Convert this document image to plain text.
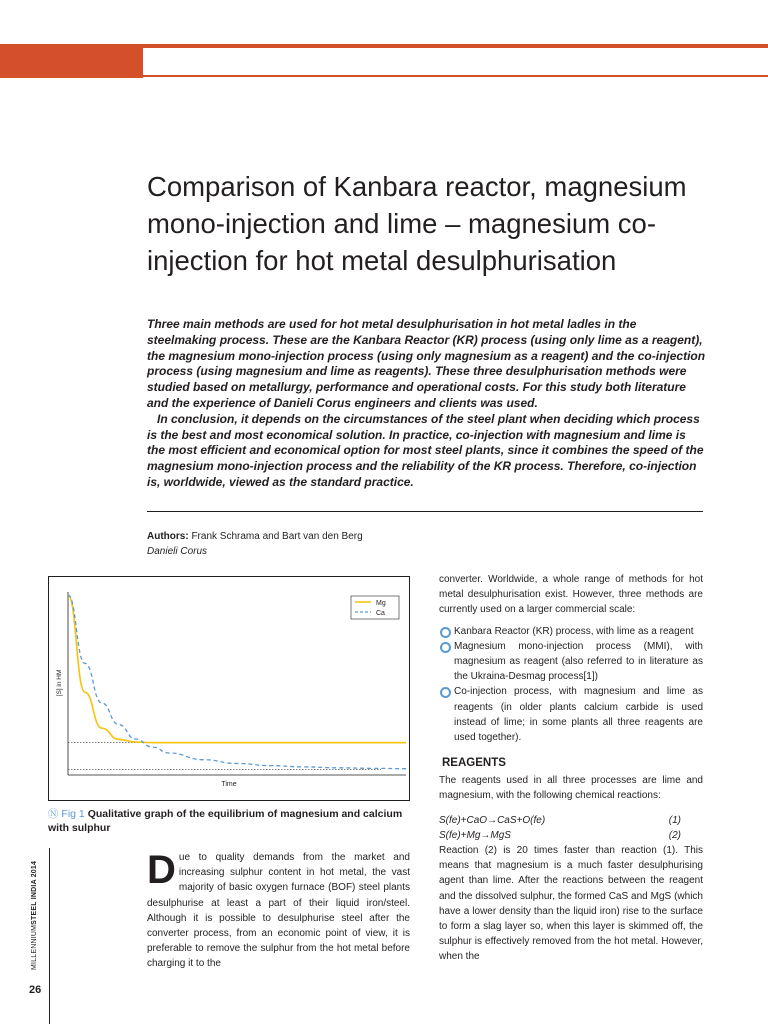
Comparison of Kanbara reactor, magnesium mono-injection and lime – magnesium co-injection for hot metal desulphurisation

Three main methods are used for hot metal desulphurisation in hot metal ladles in the steelmaking process. These are the Kanbara Reactor (KR) process (using only lime as a reagent), the magnesium mono-injection process (using only magnesium as a reagent) and the co-injection process (using magnesium and lime as reagents). These three desulphurisation methods were studied based on metallurgy, performance and operational costs. For this study both literature and the experience of Danieli Corus engineers and clients was used.

In conclusion, it depends on the circumstances of the steel plant when deciding which process is the best and most economical solution. In practice, co-injection with magnesium and lime is the most efficient and economical option for most steel plants, since it combines the speed of the magnesium mono-injection process and the reliability of the KR process. Therefore, co-injection is, worldwide, viewed as the standard practice.

Authors: Frank Schrama and Bart van den Berg
Danieli Corus
Mg
Ca
Time
[S] in HM
Ⓝ Fig 1 Qualitative graph of the equilibrium of magnesium and calcium with sulphur
Due to quality demands from the market and increasing sulphur content in hot metal, the vast majority of basic oxygen furnace (BOF) steel plants desulphurise at least a part of their liquid iron/steel. Although it is possible to desulphurise steel after the converter process, from an economic point of view, it is preferable to remove the sulphur from the hot metal before charging it to the

converter. Worldwide, a whole range of methods for hot metal desulphurisation exist. However, three methods are currently used on a larger commercial scale:

Kanbara Reactor (KR) process, with lime as a reagent
Magnesium mono-injection process (MMI), with magnesium as reagent (also referred to in literature as the Ukraina-Desmag process[1])
Co-injection process, with magnesium and lime as reagents (in older plants calcium carbide is used instead of lime; in some plants all three reagents are used together).
REAGENTS

The reagents used in all three processes are lime and magnesium, with the following chemical reactions:

S(fe)+CaO→CaS+O(fe)	(1)
S(fe)+Mg→MgS	(2)

Reaction (2) is 20 times faster than reaction (1). This means that magnesium is a much faster desulphurising agent than lime. After the reactions between the reagent and the dissolved sulphur, the formed CaS and MgS (which have a lower density than the liquid iron) rise to the surface to form a slag layer so, when this layer is skimmed off, the sulphur is effectively removed from the hot metal. However, when the

MILLENNIUMSTEEL INDIA 2014
26
